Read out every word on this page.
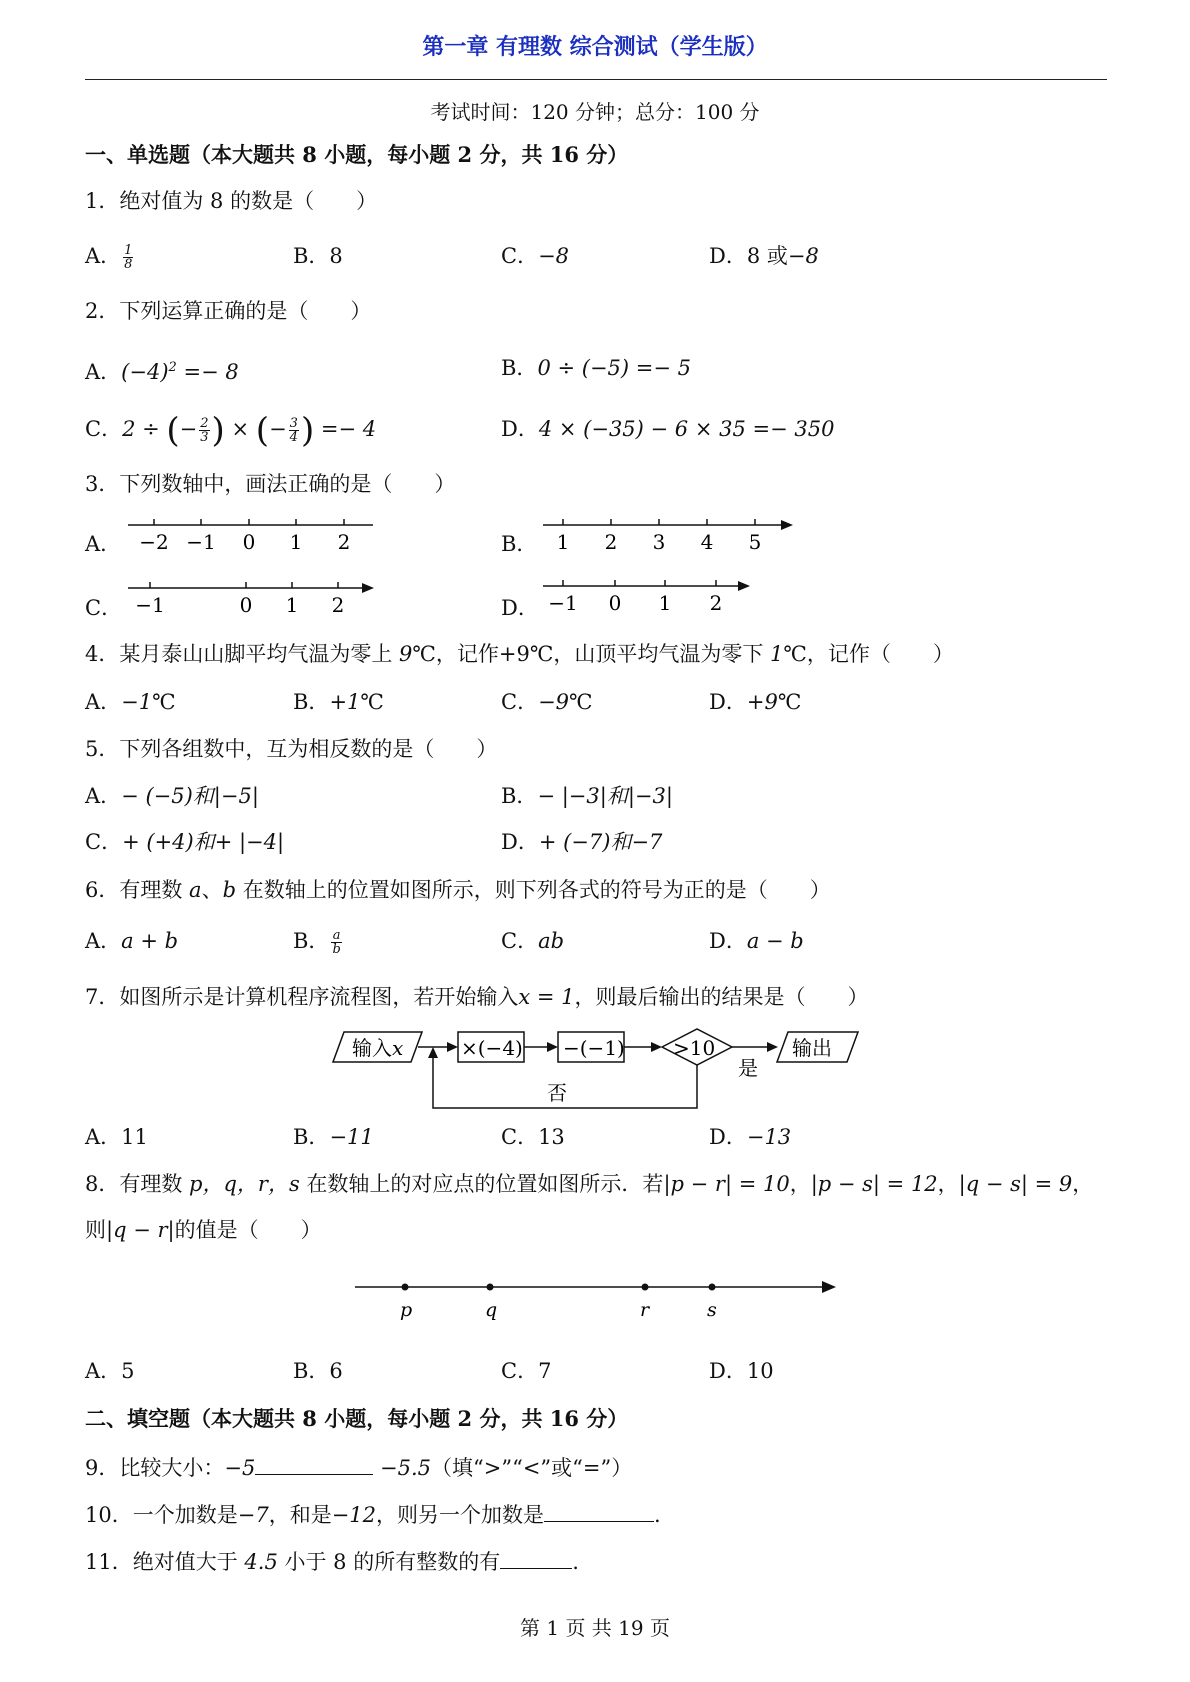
第一章 有理数 综合测试（学生版）
考试时间：120 分钟；总分：100 分
一、单选题（本大题共 8 小题，每小题 2 分，共 16 分）
1．绝对值为 8 的数是（　　）
A． $\frac{1}{8}$	B．8	C．−8	D．8 或−8
2．下列运算正确的是（　　）
A．$(-4)^2 =- 8$	B．0 ÷ (−5) =− 5
C．2 ÷ (− $\frac{2}{3}$ ) × (− $\frac{3}{4}$ ) =− 4	D．4 × (−35) − 6 × 35 =− 350
3．下列数轴中，画法正确的是（　　）
A．	B．
C．	D．
−2 −1 0 1 2	1 2 3 4 5
−1	0 1 2	−1 0 1 2
4．某月泰山山脚平均气温为零上 9℃，记作+9℃，山顶平均气温为零下 1℃，记作（　　）
A．−1℃	B．+1℃	C．−9℃	D．+9℃
5．下列各组数中，互为相反数的是（　　）
A．− (−5)和|−5|	B．− |−3|和|−3|
C．+ (+4)和+ |−4|	D．+ (−7)和−7
6．有理数 a、b 在数轴上的位置如图所示，则下列各式的符号为正的是（　　）
A．a + b	B． $\frac{a}{b}$	C．ab	D．a − b
7．如图所示是计算机程序流程图，若开始输入x = 1，则最后输出的结果是（　　）
输入x	×(−4) −(−1) >10	输出
是
否
A．11	B．−11	C．13	D．−13
8．有理数 p，q，r，s 在数轴上的对应点的位置如图所示．若|p − r| = 10，|p − s| = 12，|q − s| = 9，
则|q − r|的值是（　　）
p	q	r	s
A．5	B．6	C．7	D．10
二、填空题（本大题共 8 小题，每小题 2 分，共 16 分）
9．比较大小：−5	−5.5（填“>”“<”或“=”）
10．一个加数是−7，和是−12，则另一个加数是	.
11．绝对值大于 4.5 小于 8 的所有整数的有	.
第 1 页 共 19 页
